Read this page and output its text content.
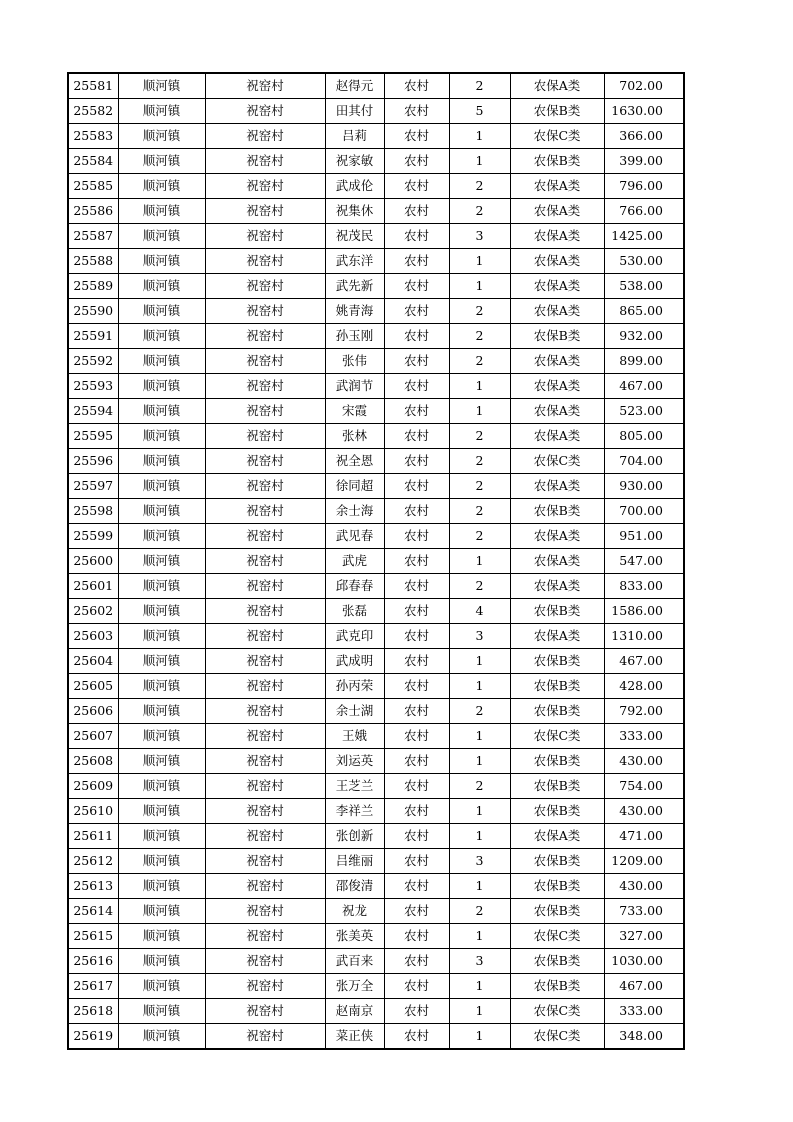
25581	顺河镇	祝窑村	赵得元	农村	2	农保A类	702.00
25582	顺河镇	祝窑村	田其付	农村	5	农保B类	1630.00
25583	顺河镇	祝窑村	吕莉	农村	1	农保C类	366.00
25584	顺河镇	祝窑村	祝家敏	农村	1	农保B类	399.00
25585	顺河镇	祝窑村	武成伦	农村	2	农保A类	796.00
25586	顺河镇	祝窑村	祝集休	农村	2	农保A类	766.00
25587	顺河镇	祝窑村	祝茂民	农村	3	农保A类	1425.00
25588	顺河镇	祝窑村	武东洋	农村	1	农保A类	530.00
25589	顺河镇	祝窑村	武先新	农村	1	农保A类	538.00
25590	顺河镇	祝窑村	姚青海	农村	2	农保A类	865.00
25591	顺河镇	祝窑村	孙玉刚	农村	2	农保B类	932.00
25592	顺河镇	祝窑村	张伟	农村	2	农保A类	899.00
25593	顺河镇	祝窑村	武润节	农村	1	农保A类	467.00
25594	顺河镇	祝窑村	宋霞	农村	1	农保A类	523.00
25595	顺河镇	祝窑村	张林	农村	2	农保A类	805.00
25596	顺河镇	祝窑村	祝全恩	农村	2	农保C类	704.00
25597	顺河镇	祝窑村	徐同超	农村	2	农保A类	930.00
25598	顺河镇	祝窑村	余士海	农村	2	农保B类	700.00
25599	顺河镇	祝窑村	武见春	农村	2	农保A类	951.00
25600	顺河镇	祝窑村	武虎	农村	1	农保A类	547.00
25601	顺河镇	祝窑村	邱春春	农村	2	农保A类	833.00
25602	顺河镇	祝窑村	张磊	农村	4	农保B类	1586.00
25603	顺河镇	祝窑村	武克印	农村	3	农保A类	1310.00
25604	顺河镇	祝窑村	武成明	农村	1	农保B类	467.00
25605	顺河镇	祝窑村	孙丙荣	农村	1	农保B类	428.00
25606	顺河镇	祝窑村	余士湖	农村	2	农保B类	792.00
25607	顺河镇	祝窑村	王娥	农村	1	农保C类	333.00
25608	顺河镇	祝窑村	刘运英	农村	1	农保B类	430.00
25609	顺河镇	祝窑村	王芝兰	农村	2	农保B类	754.00
25610	顺河镇	祝窑村	李祥兰	农村	1	农保B类	430.00
25611	顺河镇	祝窑村	张创新	农村	1	农保A类	471.00
25612	顺河镇	祝窑村	吕维丽	农村	3	农保B类	1209.00
25613	顺河镇	祝窑村	邵俊清	农村	1	农保B类	430.00
25614	顺河镇	祝窑村	祝龙	农村	2	农保B类	733.00
25615	顺河镇	祝窑村	张美英	农村	1	农保C类	327.00
25616	顺河镇	祝窑村	武百来	农村	3	农保B类	1030.00
25617	顺河镇	祝窑村	张万全	农村	1	农保B类	467.00
25618	顺河镇	祝窑村	赵南京	农村	1	农保C类	333.00
25619	顺河镇	祝窑村	菜正侠	农村	1	农保C类	348.00
